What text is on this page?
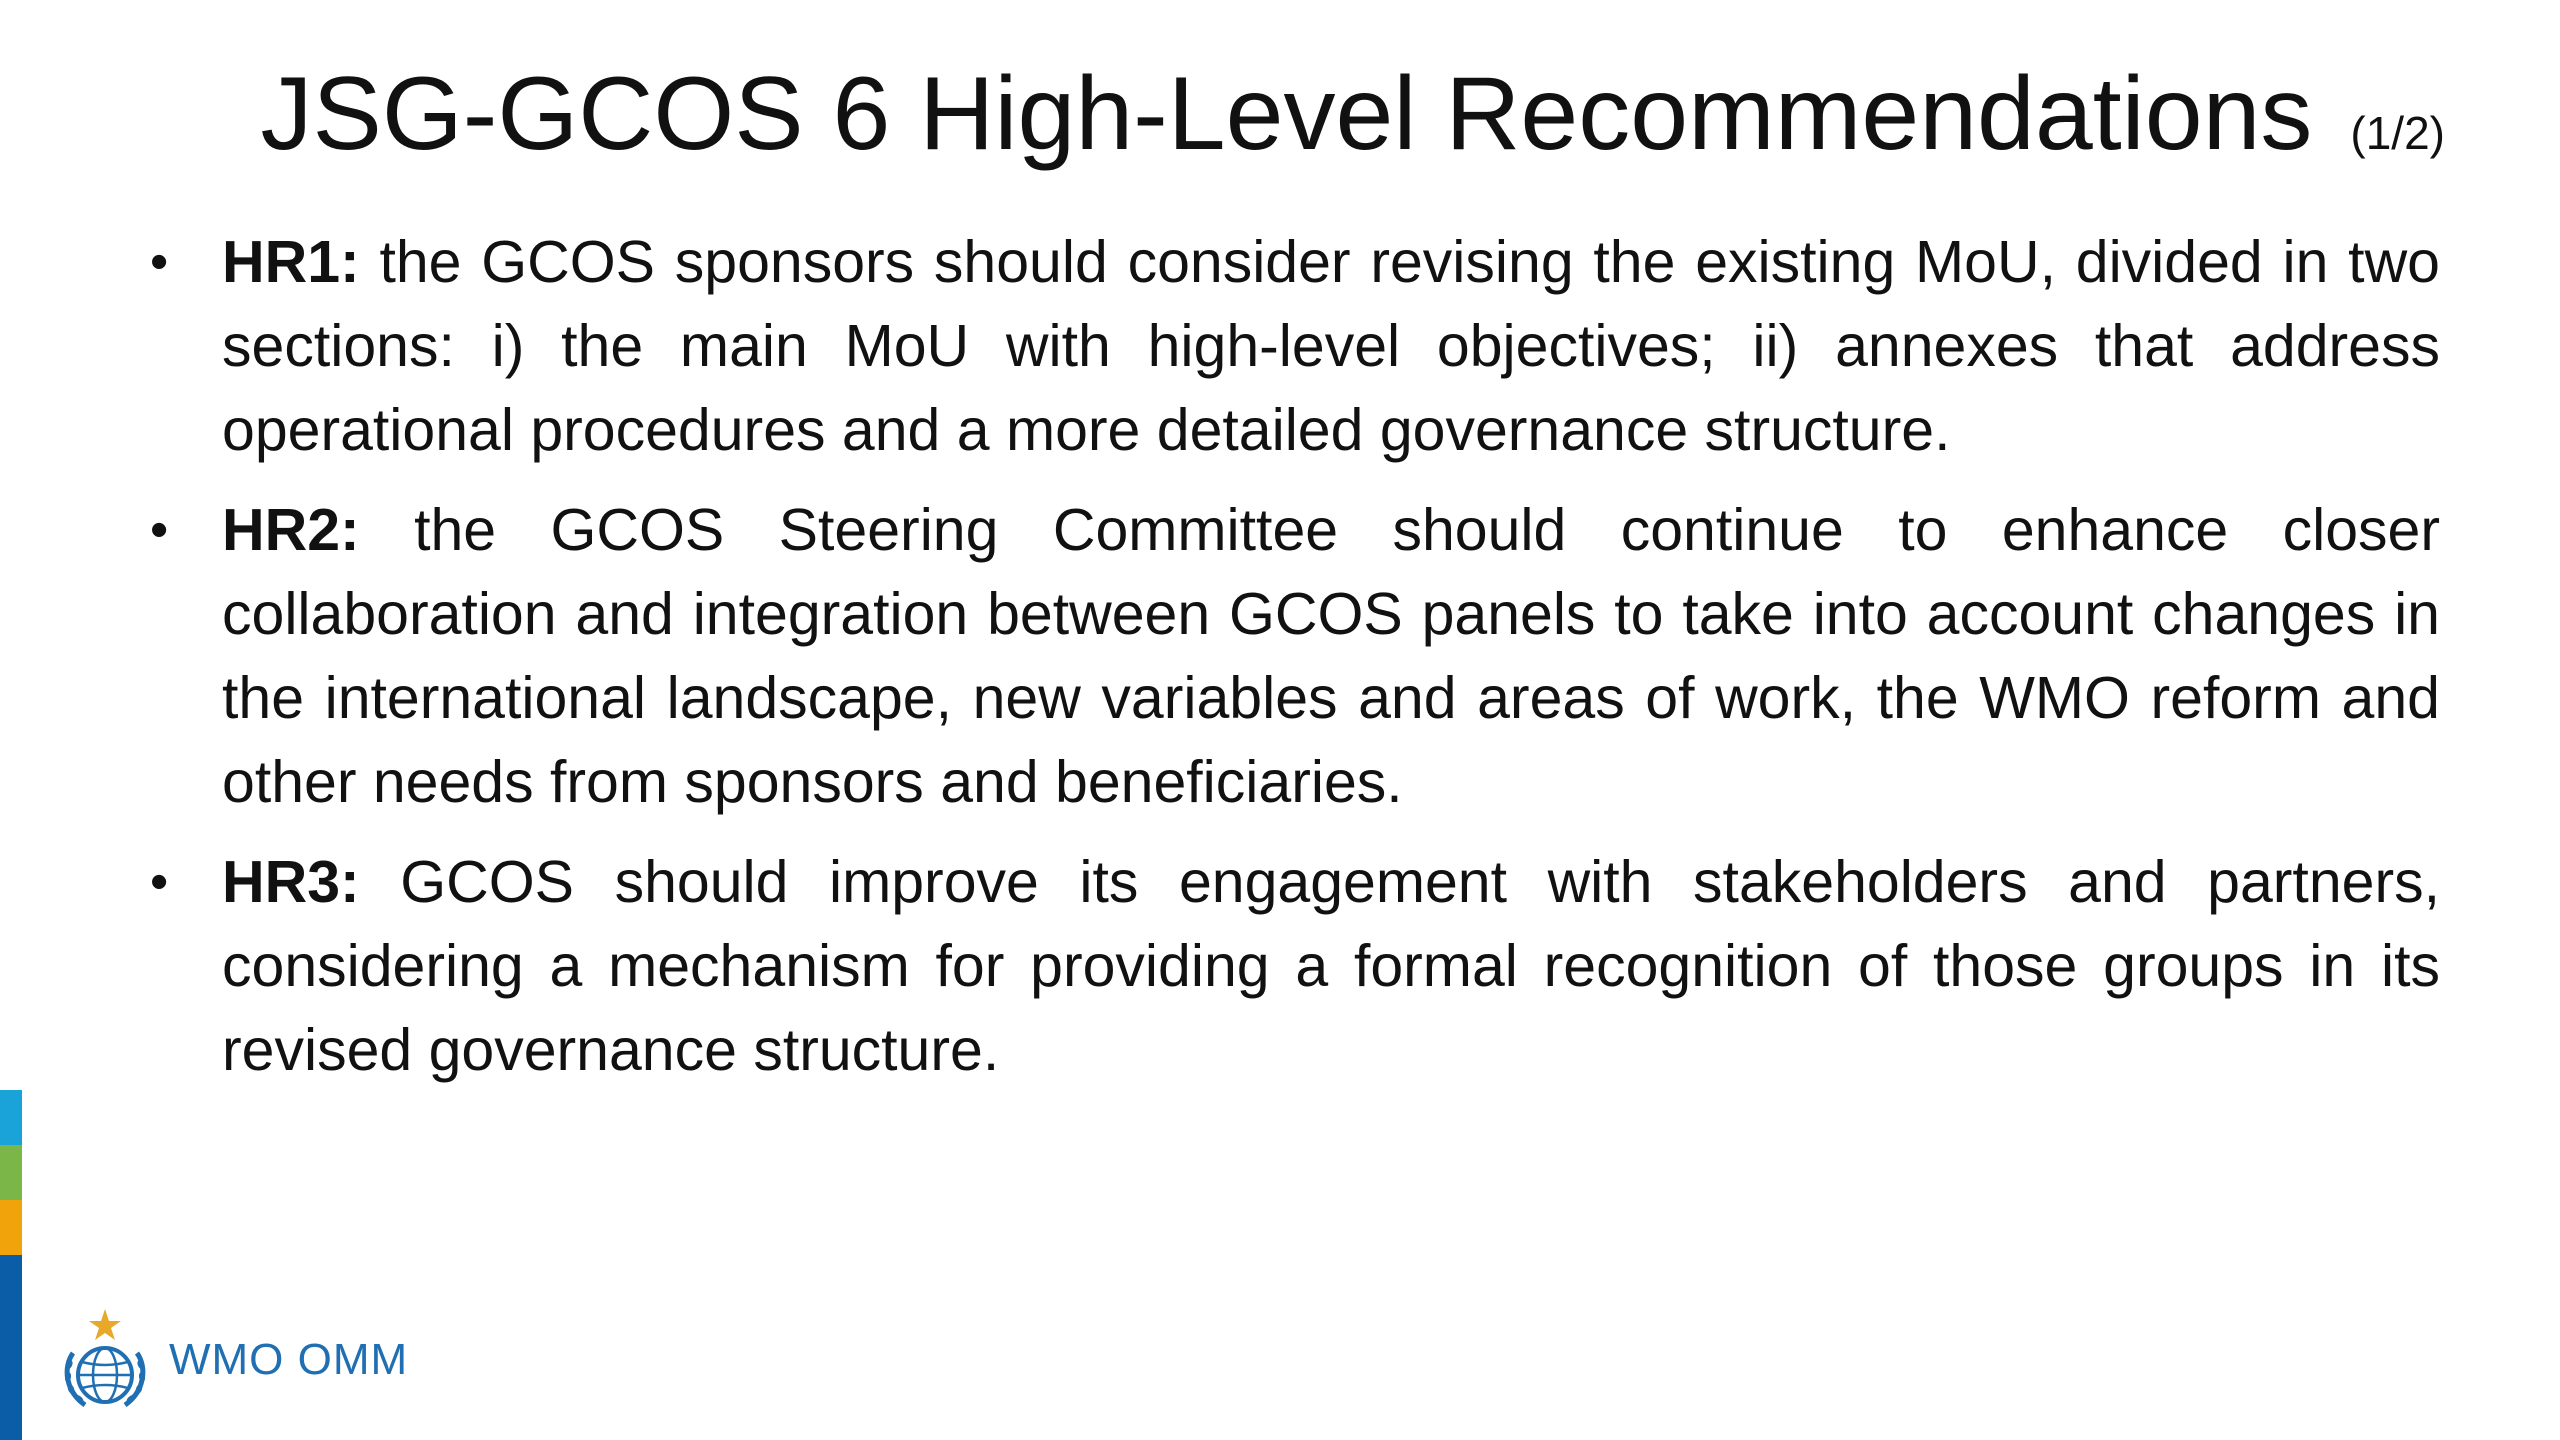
JSG-GCOS 6 High-Level Recommendations (1/2)
• HR1: the GCOS sponsors should consider revising the existing MoU, divided in two sections: i) the main MoU with high-level objectives; ii) annexes that address operational procedures and a more detailed governance structure.
• HR2: the GCOS Steering Committee should continue to enhance closer collaboration and integration between GCOS panels to take into account changes in the international landscape, new variables and areas of work, the WMO reform and other needs from sponsors and beneficiaries.
• HR3: GCOS should improve its engagement with stakeholders and partners, considering a mechanism for providing a formal recognition of those groups in its revised governance structure.
WMO OMM
